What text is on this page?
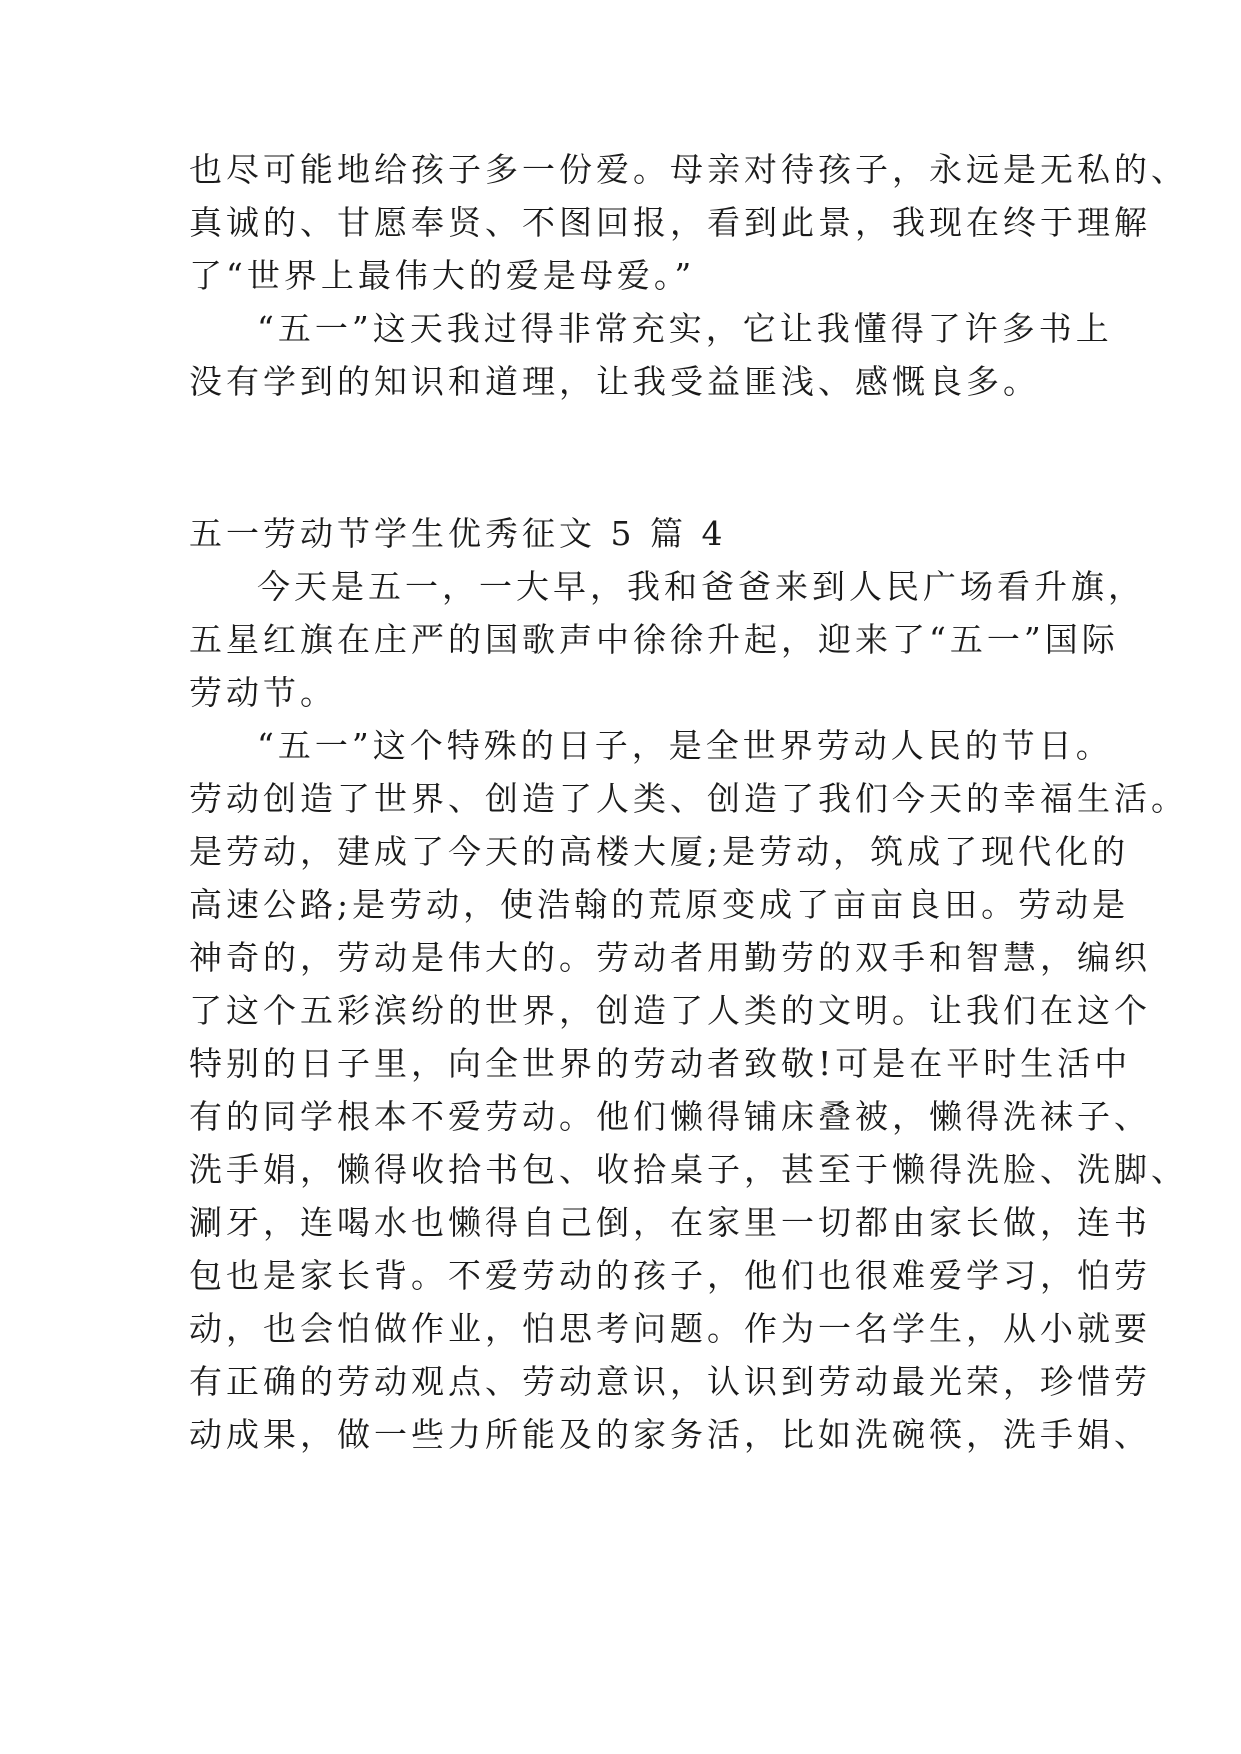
也尽可能地给孩子多一份爱。母亲对待孩子，永远是无私的、
真诚的、甘愿奉贤、不图回报，看到此景，我现在终于理解
了“世界上最伟大的爱是母爱。”
“五一”这天我过得非常充实，它让我懂得了许多书上
没有学到的知识和道理，让我受益匪浅、感慨良多。
五一劳动节学生优秀征文 5 篇 4
今天是五一，一大早，我和爸爸来到人民广场看升旗，
五星红旗在庄严的国歌声中徐徐升起，迎来了“五一”国际
劳动节。
“五一”这个特殊的日子，是全世界劳动人民的节日。
劳动创造了世界、创造了人类、创造了我们今天的幸福生活。
是劳动，建成了今天的高楼大厦;是劳动，筑成了现代化的
高速公路;是劳动，使浩翰的荒原变成了亩亩良田。劳动是
神奇的，劳动是伟大的。劳动者用勤劳的双手和智慧，编织
了这个五彩滨纷的世界，创造了人类的文明。让我们在这个
特别的日子里，向全世界的劳动者致敬!可是在平时生活中
有的同学根本不爱劳动。他们懒得铺床叠被，懒得洗袜子、
洗手娟，懒得收拾书包、收拾桌子，甚至于懒得洗脸、洗脚、
涮牙，连喝水也懒得自己倒，在家里一切都由家长做，连书
包也是家长背。不爱劳动的孩子，他们也很难爱学习，怕劳
动，也会怕做作业，怕思考问题。作为一名学生，从小就要
有正确的劳动观点、劳动意识，认识到劳动最光荣，珍惜劳
动成果，做一些力所能及的家务活，比如洗碗筷，洗手娟、
